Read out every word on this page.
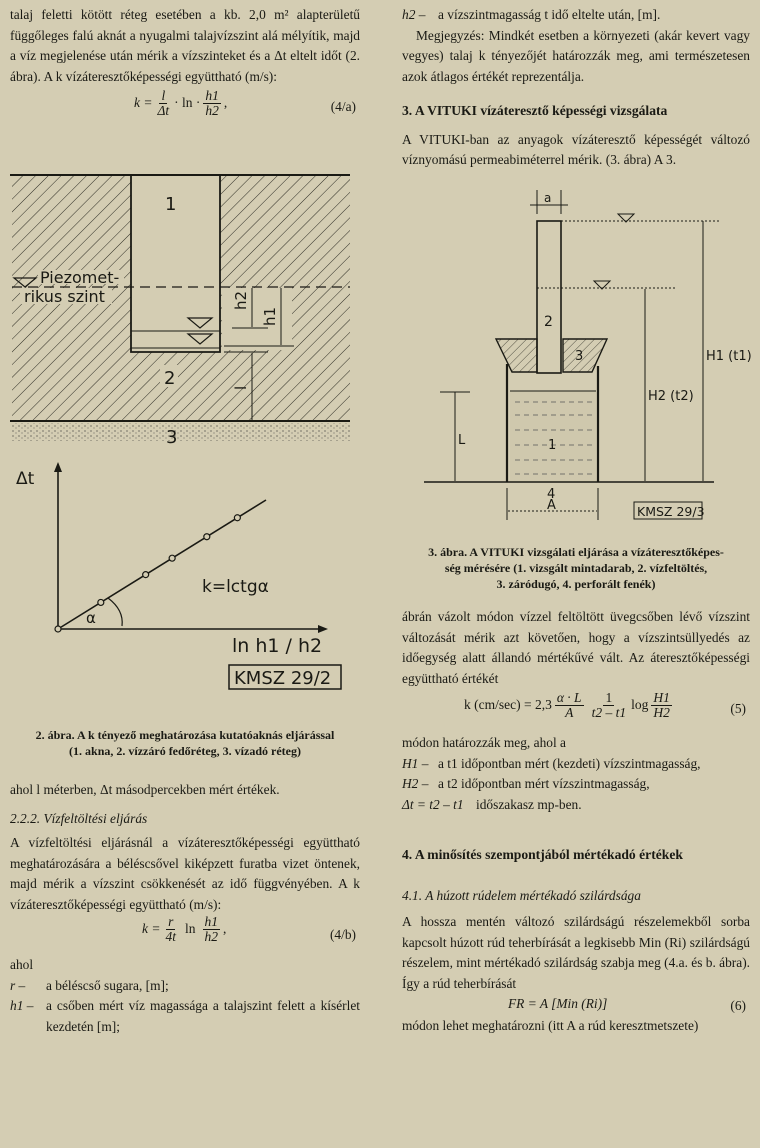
talaj feletti kötött réteg esetében a kb. 2,0 m² alapterületű függőleges falú aknát a nyugalmi talajvízszint alá mélyítik, majd a víz megjelenése után mérik a vízszinteket és a Δt eltelt időt (2. ábra). A k vízáteresztőképességi együttható (m/s):

$k = \frac{l}{\Delta t} \cdot \ln \cdot \frac{h1}{h2}$ ,	(4/a)
Piezomet-
rikus szint
1
2
3
h2
h1
l
Δt
α
k=lctgα
ln h1 / h2
KMSZ 29/2
2. ábra. A k tényező meghatározása kutatóaknás eljárással
(1. akna, 2. vízzáró fedőréteg, 3. vízadó réteg)

ahol l méterben, Δt másodpercekben mért értékek.

2.2.2. Vízfeltöltési eljárás

A vízfeltöltési eljárásnál a vízáteresztőképességi együttható meghatározására a béléscsővel kiképzett furatba vizet öntenek, majd mérik a vízszint csökkenését az idő függvényében. A k vízáteresztőképességi együttható (m/s):

$k = \frac{r}{4t}$ $\ln \frac{h1}{h2}$ ,	(4/b)

ahol

r –	a béléscső sugara, [m];
h1 – a csőben mért víz magassága a talajszint felett a kísérlet kezdetén [m];
h2 – a vízszintmagasság t idő eltelte után, [m].

Megjegyzés: Mindkét esetben a környezeti (akár kevert vagy vegyes) talaj k tényezőjét határozzák meg, ami természetesen azok átlagos értékét reprezentálja.

3. A VITUKI vízáteresztő képességi vizsgálata

A VITUKI-ban az anyagok vízáteresztő képességét változó víznyomású permeabiméterrel mérik. (3. ábra) A 3.

a
2
3
1
L
H2 (t2)
H1 (t1)
4
A	KMSZ 29/3
3. ábra. A VITUKI vizsgálati eljárása a vízáteresztőképes-
ség mérésére (1. vizsgált mintadarab, 2. vízfeltöltés,
3. záródugó, 4. perforált fenék)

ábrán vázolt módon vízzel feltöltött üvegcsőben lévő vízszint változását mérik azt követően, hogy a vízszintsüllyedés az időegység alatt állandó mértékűvé vált. Az áteresztőképességi együttható értékét

k $(cm/\sec) = 2,3 \frac{\alpha \cdot L}{A} \frac{1}{t2 - t1}$ $\log \frac{H1}{H2}$	(5)

módon határozzák meg, ahol a

H1 – a t1 időpontban mért (kezdeti) vízszintmagasság,
H2 – a t2 időpontban mért vízszintmagasság,
Δt = t2 – t1 időszakasz mp-ben.

4. A minősítés szempontjából mértékadó értékek

4.1. A húzott rúdelem mértékadó szilárdsága

A hossza mentén változó szilárdságú részelemekből sorba kapcsolt húzott rúd teherbírását a legkisebb Min (Ri) szilárdságú részelem, mint mértékadó szilárdság szabja meg (4.a. és b. ábra). Így a rúd teherbírását

FR = A [Min (Ri)]	(6)

módon lehet meghatározni (itt A a rúd keresztmetszete)
